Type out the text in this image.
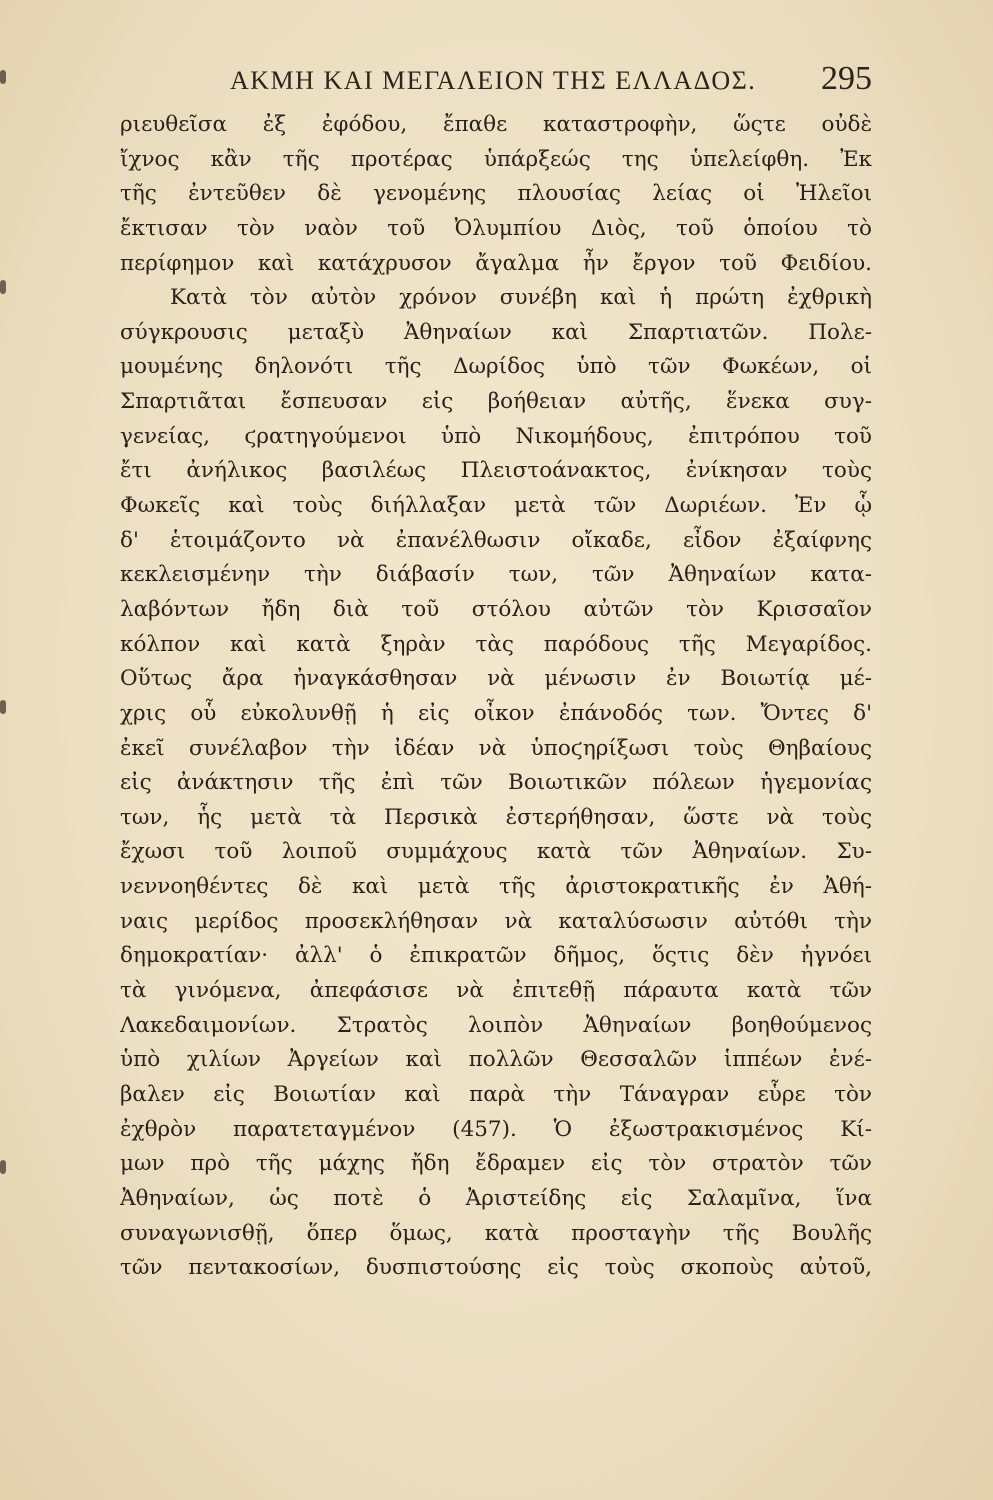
ΑΚΜΗ ΚΑΙ ΜΕΓΑΛΕΙΟΝ ΤΗΣ ΕΛΛΑΔΟΣ. 295
ριευθεῖσα ἐξ ἐφόδου, ἔπαθε καταστροφὴν, ὥςτε οὐδὲ
ἴχνος κἂν τῆς προτέρας ὑπάρξεώς της ὑπελείφθη. Ἐκ
τῆς ἐντεῦθεν δὲ γενομένης πλουσίας λείας οἱ Ἠλεῖοι
ἔκτισαν τὸν ναὸν τοῦ Ὀλυμπίου Διὸς, τοῦ ὁποίου τὸ
περίφημον καὶ κατάχρυσον ἄγαλμα ἦν ἔργον τοῦ Φειδίου.
Κατὰ τὸν αὐτὸν χρόνον συνέβη καὶ ἡ πρώτη ἐχθρικὴ
σύγκρουσις μεταξὺ Ἀθηναίων καὶ Σπαρτιατῶν. Πολε-
μουμένης δηλονότι τῆς Δωρίδος ὑπὸ τῶν Φωκέων, οἱ
Σπαρτιᾶται ἔσπευσαν εἰς βοήθειαν αὐτῆς, ἕνεκα συγ-
γενείας, ϛρατηγούμενοι ὑπὸ Νικομήδους, ἐπιτρόπου τοῦ
ἔτι ἀνήλικος βασιλέως Πλειστοάνακτος, ἐνίκησαν τοὺς
Φωκεῖς καὶ τοὺς διήλλαξαν μετὰ τῶν Δωριέων. Ἐν ᾧ
δ' ἑτοιμάζοντο νὰ ἐπανέλθωσιν οἴκαδε, εἶδον ἐξαίφνης
κεκλεισμένην τὴν διάβασίν των, τῶν Ἀθηναίων κατα-
λαβόντων ἤδη διὰ τοῦ στόλου αὐτῶν τὸν Κρισσαῖον
κόλπον καὶ κατὰ ξηρὰν τὰς παρόδους τῆς Μεγαρίδος.
Οὕτως ἄρα ἠναγκάσθησαν νὰ μένωσιν ἐν Βοιωτίᾳ μέ-
χρις οὗ εὐκολυνθῇ ἡ εἰς οἶκον ἐπάνοδός των. Ὄντες δ'
ἐκεῖ συνέλαβον τὴν ἰδέαν νὰ ὑποϛηρίξωσι τοὺς Θηβαίους
εἰς ἀνάκτησιν τῆς ἐπὶ τῶν Βοιωτικῶν πόλεων ἡγεμονίας
των, ἧς μετὰ τὰ Περσικὰ ἐστερήθησαν, ὥστε νὰ τοὺς
ἔχωσι τοῦ λοιποῦ συμμάχους κατὰ τῶν Ἀθηναίων. Συ-
νεννοηθέντες δὲ καὶ μετὰ τῆς ἀριστοκρατικῆς ἐν Ἀθή-
ναις μερίδος προσεκλήθησαν νὰ καταλύσωσιν αὐτόθι τὴν
δημοκρατίαν· ἀλλ' ὁ ἐπικρατῶν δῆμος, ὅςτις δὲν ἠγνόει
τὰ γινόμενα, ἀπεφάσισε νὰ ἐπιτεθῇ πάραυτα κατὰ τῶν
Λακεδαιμονίων. Στρατὸς λοιπὸν Ἀθηναίων βοηθούμενος
ὑπὸ χιλίων Ἀργείων καὶ πολλῶν Θεσσαλῶν ἱππέων ἐνέ-
βαλεν εἰς Βοιωτίαν καὶ παρὰ τὴν Τάναγραν εὗρε τὸν
ἐχθρὸν παρατεταγμένον (457). Ὁ ἐξωστρακισμένος Κί-
μων πρὸ τῆς μάχης ἤδη ἔδραμεν εἰς τὸν στρατὸν τῶν
Ἀθηναίων, ὡς ποτὲ ὁ Ἀριστείδης εἰς Σαλαμῖνα, ἵνα
συναγωνισθῇ, ὅπερ ὅμως, κατὰ προσταγὴν τῆς Βουλῆς
τῶν πεντακοσίων, δυσπιστούσης εἰς τοὺς σκοποὺς αὐτοῦ,
